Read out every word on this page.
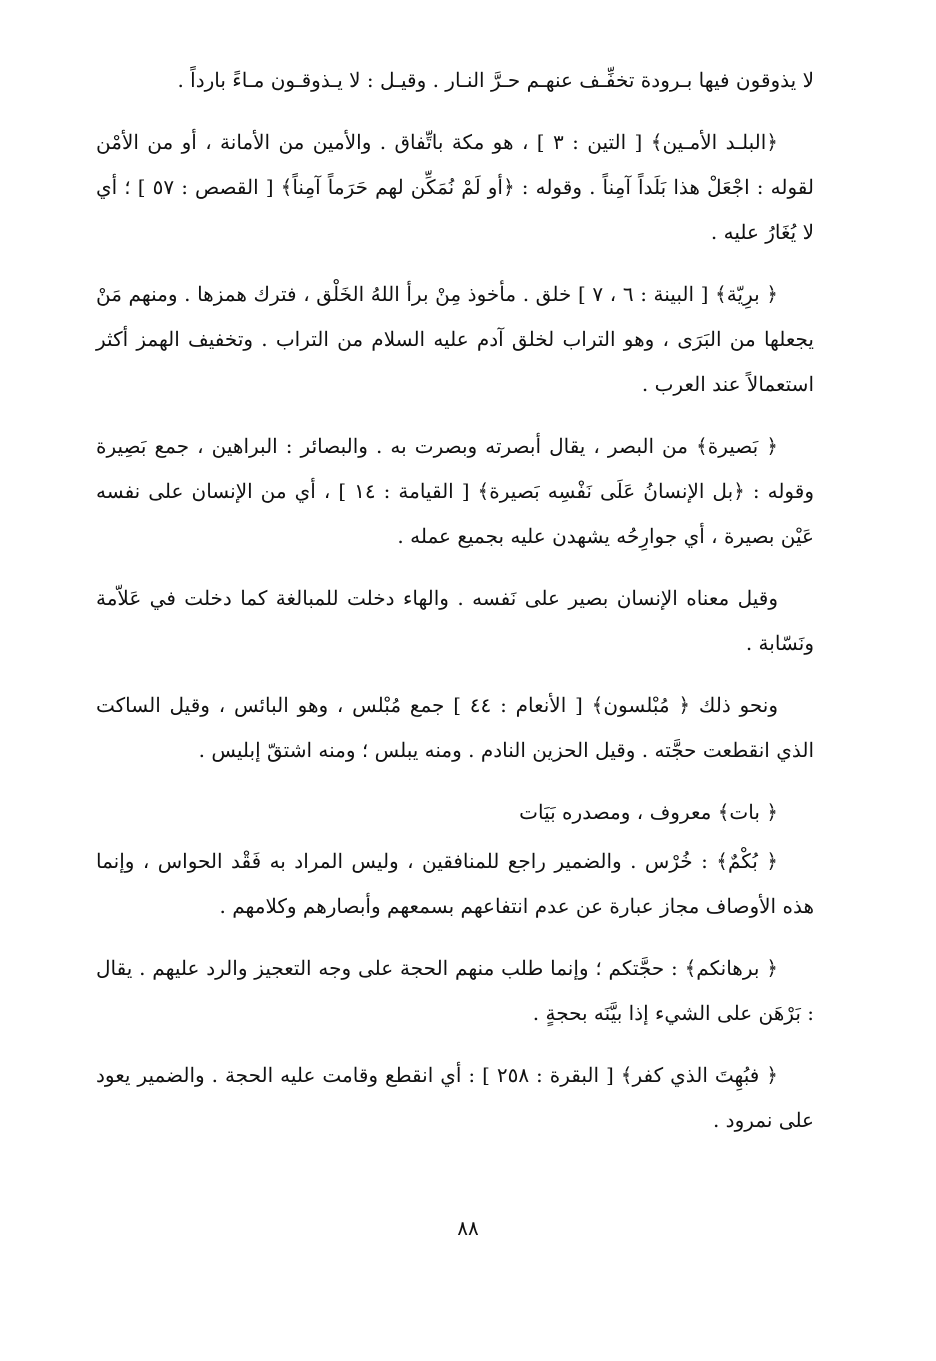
لا يذوقون فيها بـرودة تخفِّـف عنهـم حـرَّ النـار . وقيـل : لا يـذوقـون مـاءً بارداً .

﴿البلـد الأمـين﴾ [ التين : ٣ ] ، هو مكة باتِّفاق . والأمين من الأمانة ، أو من الأمْن لقوله : اجْعَلْ هذا بَلَداً آمِناً . وقوله : ﴿أو لَمْ نُمَكِّن لهم حَرَماً آمِناً﴾ [ القصص : ٥٧ ] ؛ أي لا يُغَارُ عليه .

﴿ برِيّة﴾ [ البينة : ٦ ، ٧ ] خلق . مأخوذ مِنْ برأ اللهُ الخَلْق ، فترك همزها . ومنهم مَنْ يجعلها من البَرَى ، وهو التراب لخلق آدم عليه السلام من التراب . وتخفيف الهمز أكثر استعمالاً عند العرب .

﴿ بَصيرة﴾ من البصر ، يقال أبصرته وبصرت به . والبصائر : البراهين ، جمع بَصِيرة وقوله : ﴿بل الإنسانُ عَلَى نَفْسِه بَصيرة﴾ [ القيامة : ١٤ ] ، أي من الإنسان على نفسه عَيْن بصيرة ، أي جوارِحُه يشهدن عليه بجميع عمله .

وقيل معناه الإنسان بصير على نَفسه . والهاء دخلت للمبالغة كما دخلت في عَلاّمة ونَسّابة .

ونحو ذلك ﴿ مُبْلسون﴾ [ الأنعام : ٤٤ ] جمع مُبْلس ، وهو البائس ، وقيل الساكت الذي انقطعت حجَّته . وقيل الحزين النادم . ومنه يبلس ؛ ومنه اشتقّ إبليس .

﴿ بات﴾ معروف ، ومصدره بَيَات

﴿ بُكْمٌ﴾ : خُرْس . والضمير راجع للمنافقين ، وليس المراد به فَقْد الحواس ، وإنما هذه الأوصاف مجاز عبارة عن عدم انتفاعهم بسمعهم وأبصارهم وكلامهم .

﴿ برهانكم﴾ : حجَّتكم ؛ وإنما طلب منهم الحجة على وجه التعجيز والرد عليهم . يقال : بَرْهَن على الشيء إذا بيَّنَه بحجةٍ .

﴿ فبُهِتَ الذي كفر﴾ [ البقرة : ٢٥٨ ] : أي انقطع وقامت عليه الحجة . والضمير يعود على نمرود .

٨٨
